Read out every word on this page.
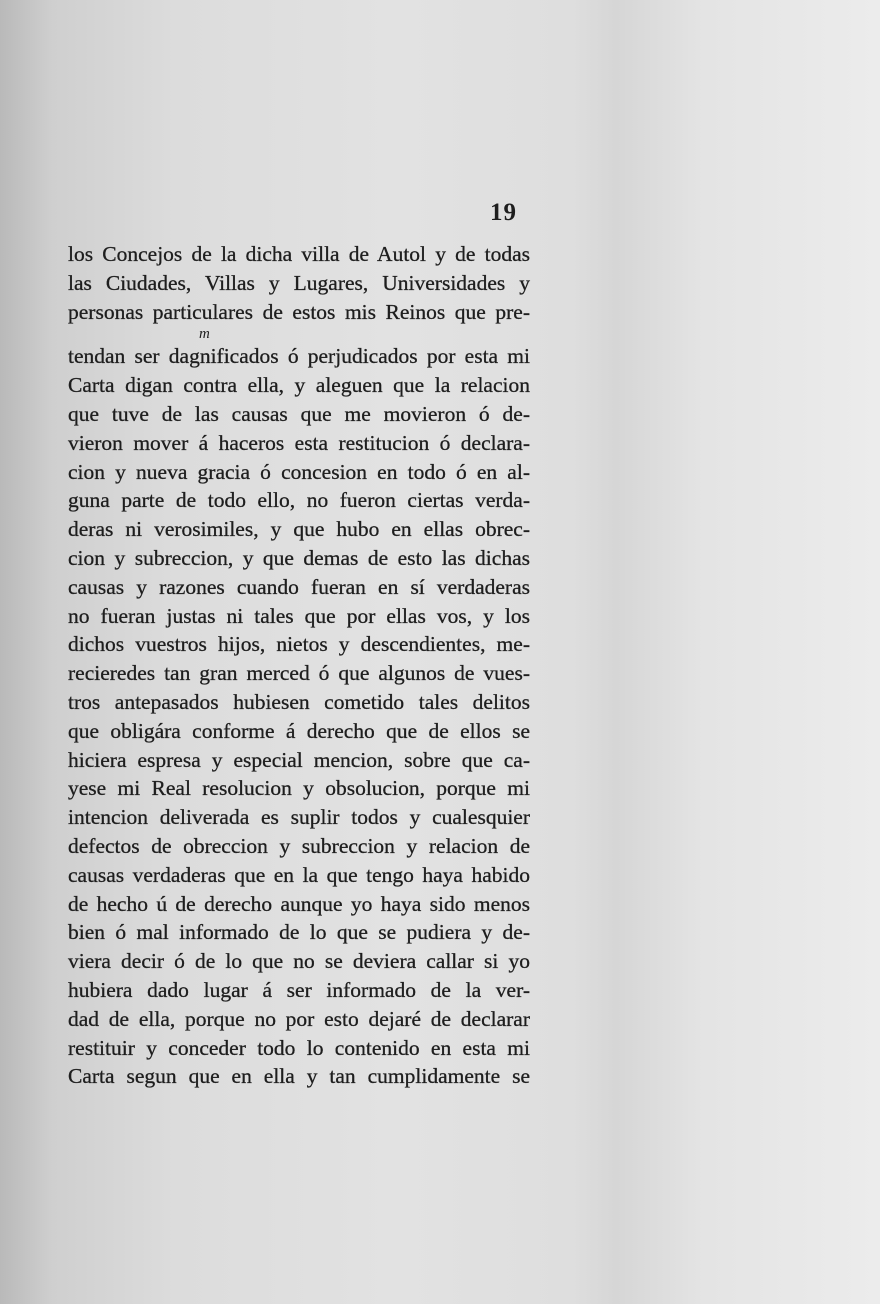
19
los Concejos de la dicha villa de Autol y de todas
las Ciudades, Villas y Lugares, Universidades y
personas particulares de estos mis Reinos que pre-
m
tendan ser dagnificados ó perjudicados por esta mi
Carta digan contra ella, y aleguen que la relacion
que tuve de las causas que me movieron ó de-
vieron mover á haceros esta restitucion ó declara-
cion y nueva gracia ó concesion en todo ó en al-
guna parte de todo ello, no fueron ciertas verda-
deras ni verosimiles, y que hubo en ellas obrec-
cion y subreccion, y que demas de esto las dichas
causas y razones cuando fueran en sí verdaderas
no fueran justas ni tales que por ellas vos, y los
dichos vuestros hijos, nietos y descendientes, me-
recieredes tan gran merced ó que algunos de vues-
tros antepasados hubiesen cometido tales delitos
que obligára conforme á derecho que de ellos se
hiciera espresa y especial mencion, sobre que ca-
yese mi Real resolucion y obsolucion, porque mi
intencion deliverada es suplir todos y cualesquier
defectos de obreccion y subreccion y relacion de
causas verdaderas que en la que tengo haya habido
de hecho ú de derecho aunque yo haya sido menos
bien ó mal informado de lo que se pudiera y de-
viera decir ó de lo que no se deviera callar si yo
hubiera dado lugar á ser informado de la ver-
dad de ella, porque no por esto dejaré de declarar
restituir y conceder todo lo contenido en esta mi
Carta segun que en ella y tan cumplidamente se
